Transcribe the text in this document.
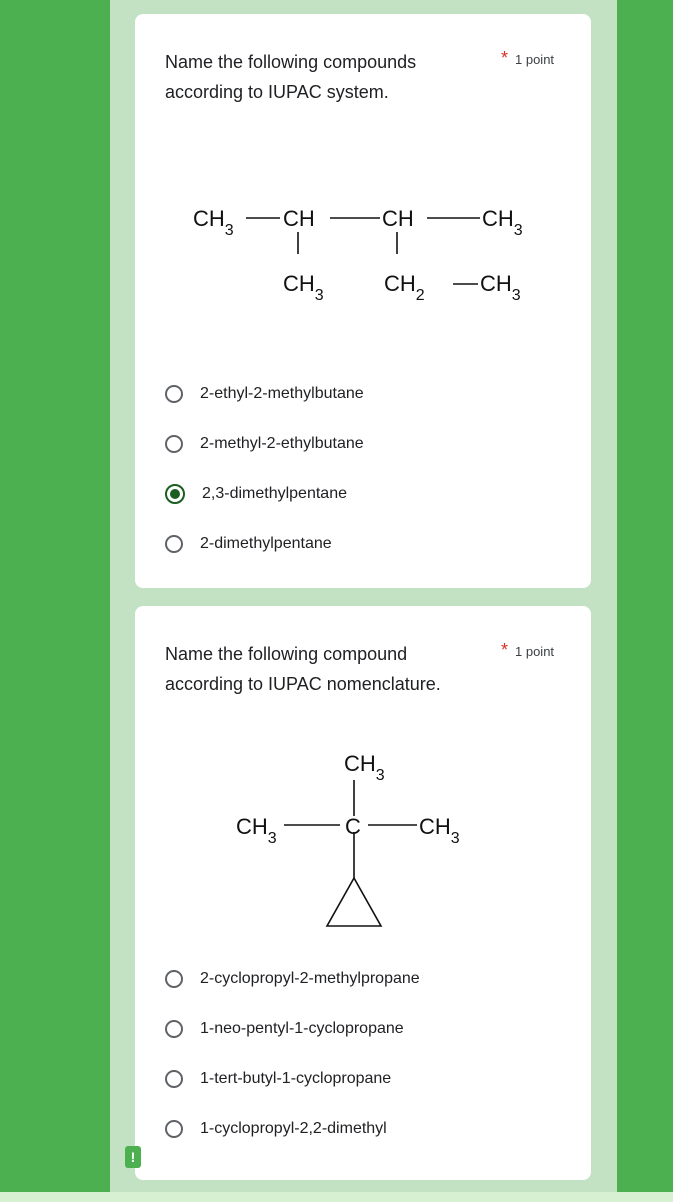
Name the following compounds
according to IUPAC system.
* 1 point
$CH_3$ CH	CH	$CH_3$
$CH_3$	$CH_2$	$CH_3$
2-ethyl-2-methylbutane
2-methyl-2-ethylbutane
2,3-dimethylpentane
2-dimethylpentane
Name the following compound
according to IUPAC nomenclature.
* 1 point
$CH_3$
$CH_3$	C	$CH_3$
2-cyclopropyl-2-methylpropane
1-neo-pentyl-1-cyclopropane
1-tert-butyl-1-cyclopropane
1-cyclopropyl-2,2-dimethyl
!
